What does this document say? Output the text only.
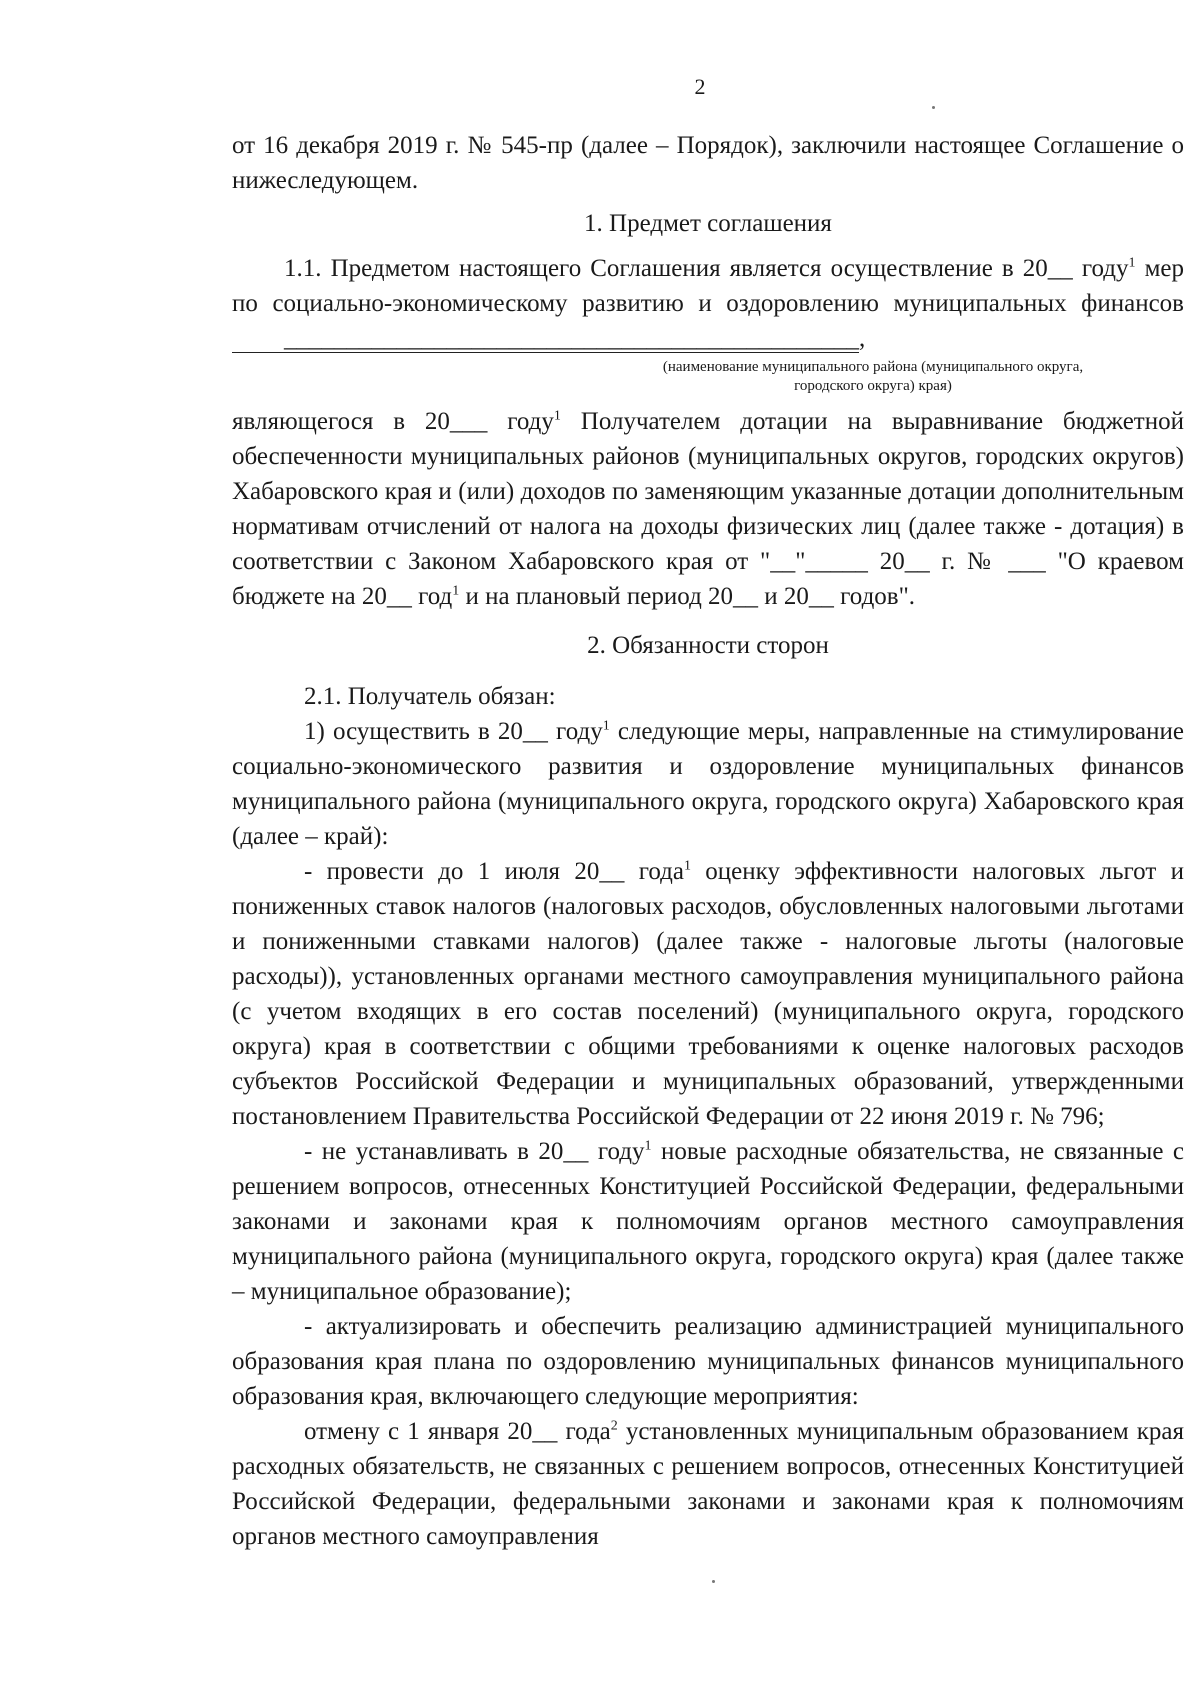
2

от 16 декабря 2019 г. № 545-пр (далее – Порядок), заключили настоящее Соглашение о нижеследующем.

1. Предмет соглашения

1.1. Предметом настоящего Соглашения является осуществление в 20__ году$^1$ мер по социально-экономическому развитию и оздоровлению муниципальных финансов ______________________________________________,

(наименование муниципального района (муниципального округа,
городского округа) края)

являющегося в 20___ году$^1$ Получателем дотации на выравнивание бюджетной обеспеченности муниципальных районов (муниципальных округов, городских округов) Хабаровского края и (или) доходов по заменяющим указанные дотации дополнительным нормативам отчислений от налога на доходы физических лиц (далее также - дотация) в соответствии с Законом Хабаровского края от "__"_____ 20__ г. № ___ "О краевом бюджете на 20__ год$^1$ и на плановый период 20__ и 20__ годов".

2. Обязанности сторон

2.1. Получатель обязан:

1) осуществить в 20__ году$^1$ следующие меры, направленные на стимулирование социально-экономического развития и оздоровление муниципальных финансов муниципального района (муниципального округа, городского округа) Хабаровского края (далее – край):

- провести до 1 июля 20__ года$^1$ оценку эффективности налоговых льгот и пониженных ставок налогов (налоговых расходов, обусловленных налоговыми льготами и пониженными ставками налогов) (далее также - налоговые льготы (налоговые расходы)), установленных органами местного самоуправления муниципального района (с учетом входящих в его состав поселений) (муниципального округа, городского округа) края в соответствии с общими требованиями к оценке налоговых расходов субъектов Российской Федерации и муниципальных образований, утвержденными постановлением Правительства Российской Федерации от 22 июня 2019 г. № 796;

- не устанавливать в 20__ году$^1$ новые расходные обязательства, не связанные с решением вопросов, отнесенных Конституцией Российской Федерации, федеральными законами и законами края к полномочиям органов местного самоуправления муниципального района (муниципального округа, городского округа) края (далее также – муниципальное образование);

- актуализировать и обеспечить реализацию администрацией муниципального образования края плана по оздоровлению муниципальных финансов муниципального образования края, включающего следующие мероприятия:

отмену с 1 января 20__ года$^2$ установленных муниципальным образованием края расходных обязательств, не связанных с решением вопросов, отнесенных Конституцией Российской Федерации, федеральными законами и законами края к полномочиям органов местного самоуправления
